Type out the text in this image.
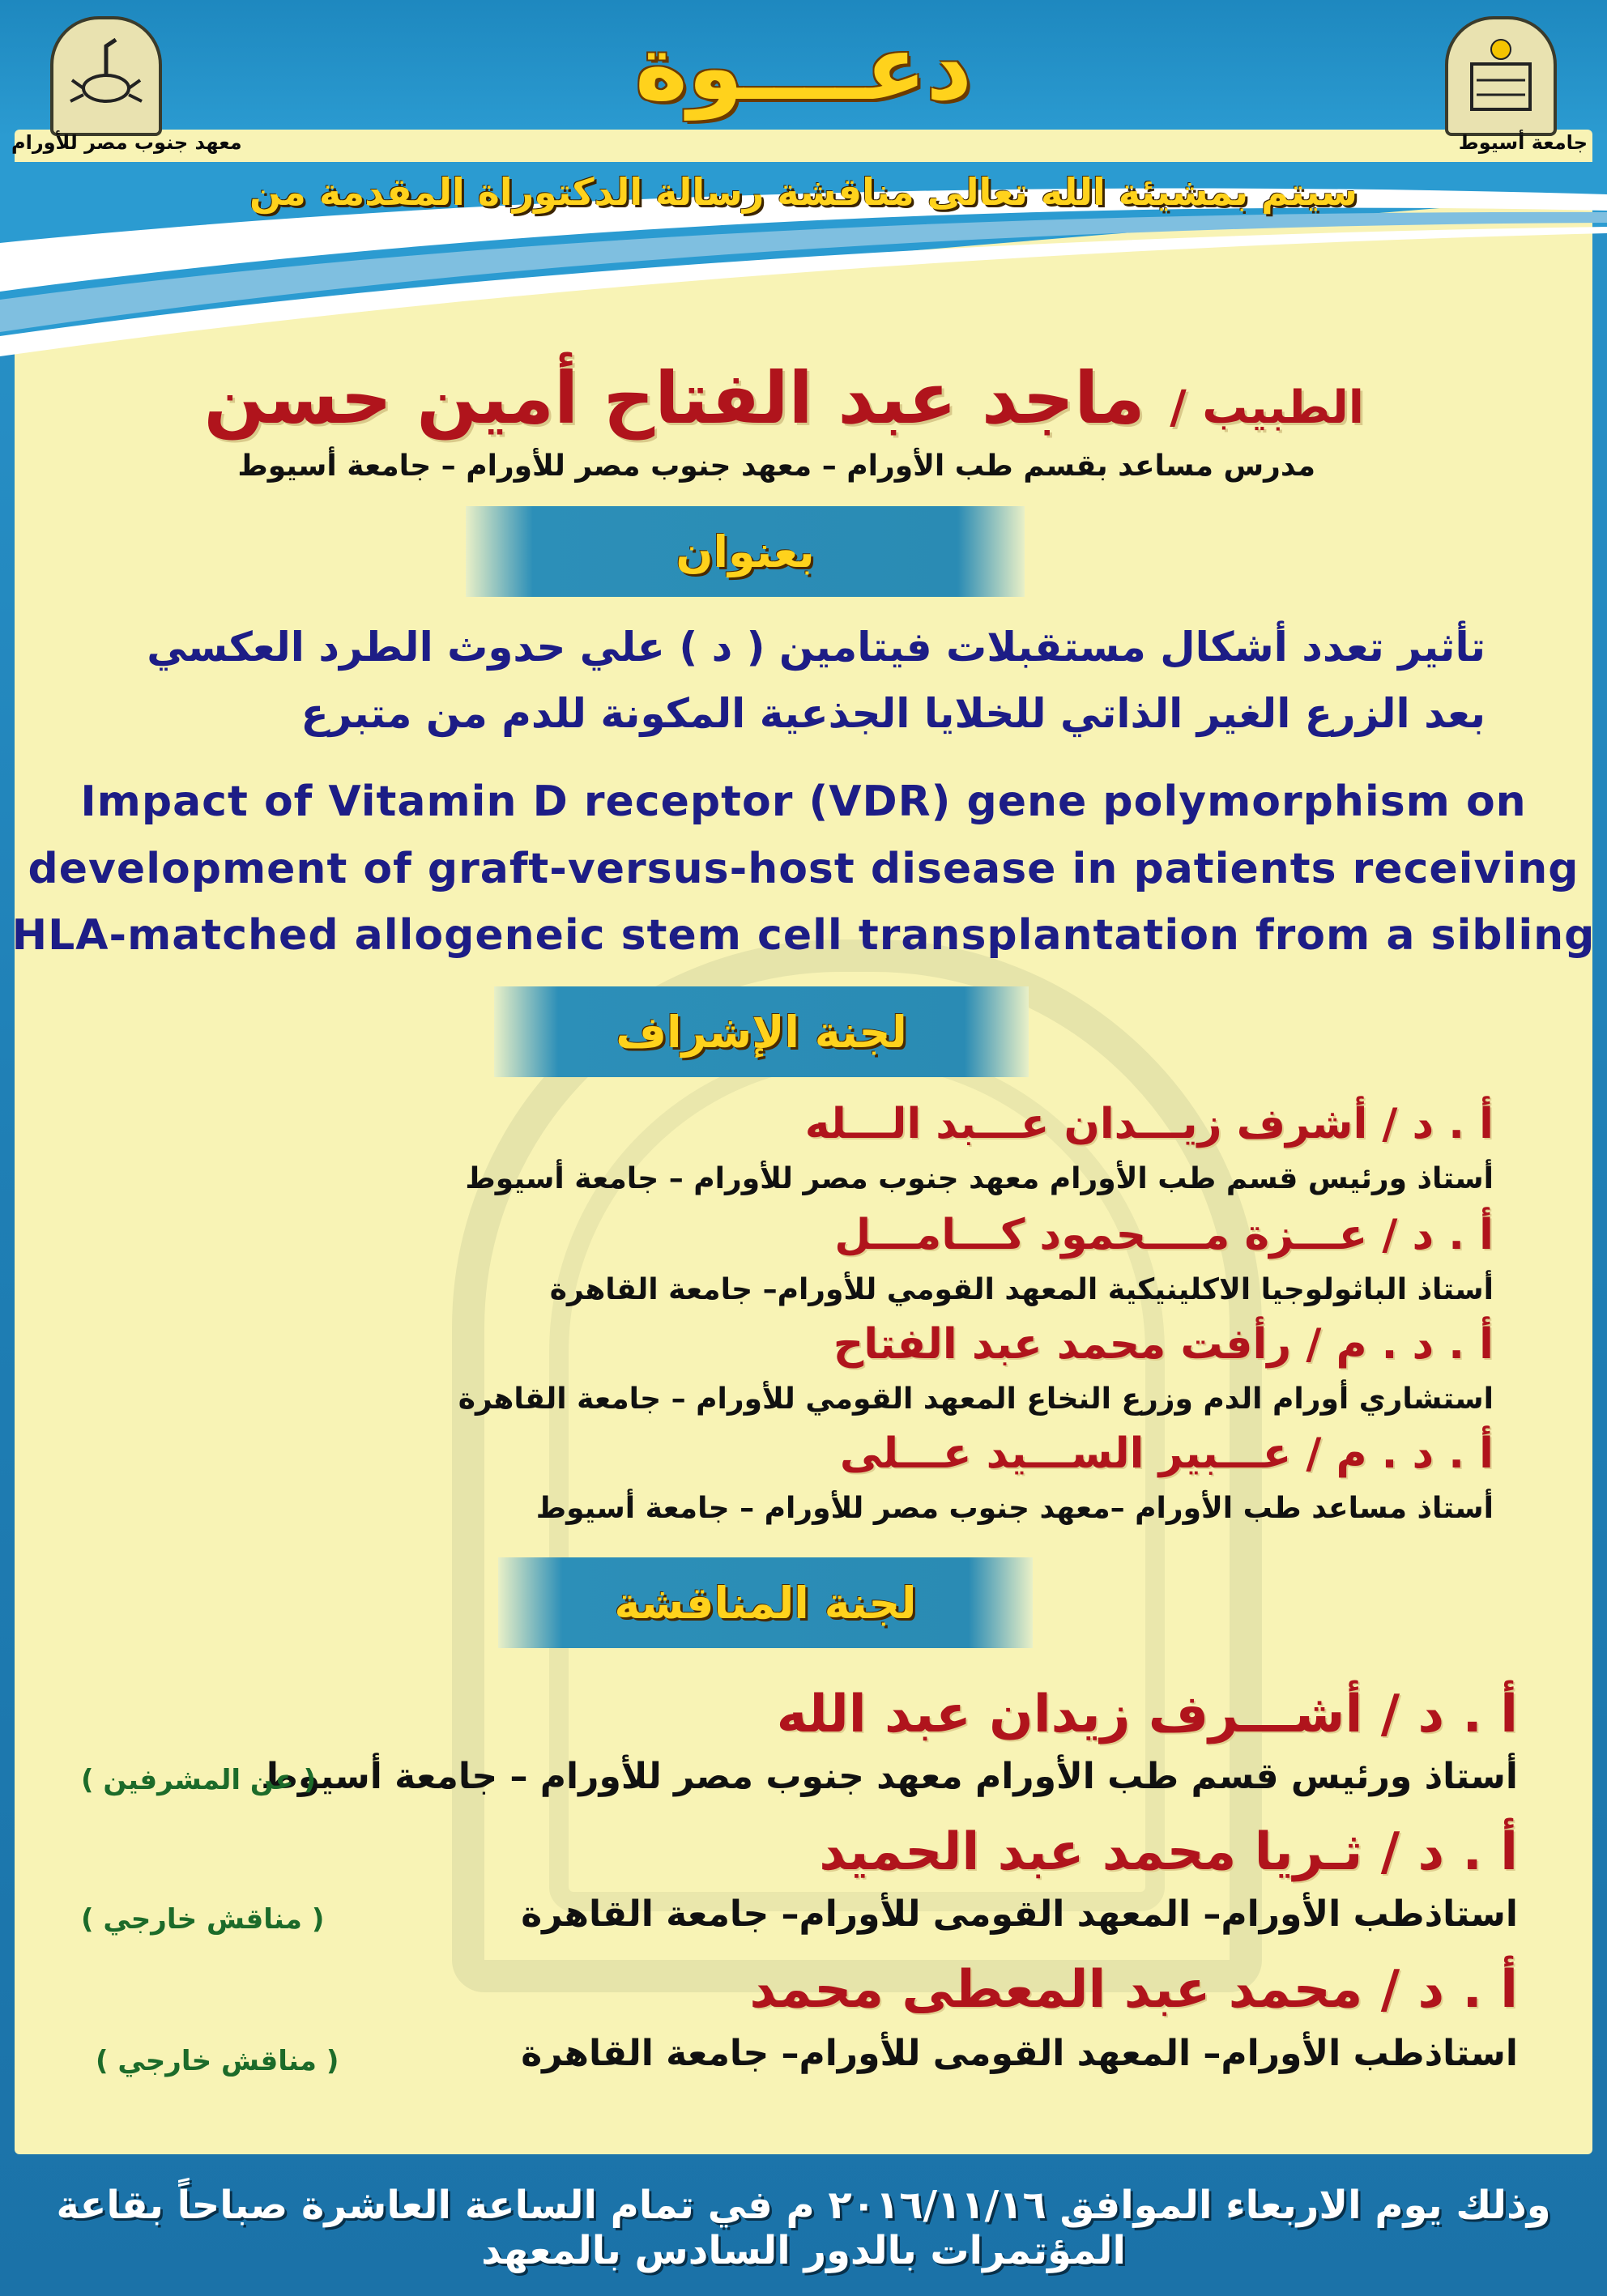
معهد جنوب مصر للأورام	جامعة أسيوط
دعــــوة
سيتم بمشيئة الله تعالى مناقشة رسالة الدكتوراة المقدمة من
الطبيب / ماجد عبد الفتاح أمين حسن
مدرس مساعد بقسم طب الأورام – معهد جنوب مصر للأورام – جامعة أسيوط
بعنوان
تأثير تعدد أشكال مستقبلات فيتامين ( د ) علي حدوث الطرد العكسي
بعد الزرع الغير الذاتي للخلايا الجذعية المكونة للدم من متبرع
Impact of Vitamin D receptor (VDR) gene polymorphism on
development of graft-versus-host disease in patients receiving
HLA-matched allogeneic stem cell transplantation from a sibling
لجنة الإشراف
أ . د / أشرف زيـــدان عـــبد الـــله
أستاذ ورئيس قسم طب الأورام معهد جنوب مصر للأورام – جامعة أسيوط
أ . د / عـــزة مــــحمود كـــامـــل
أستاذ الباثولوجيا الاكلينيكية المعهد القومي للأورام– جامعة القاهرة
أ . د . م / رأفت محمد عبد الفتاح
استشاري أورام الدم وزرع النخاع المعهد القومي للأورام – جامعة القاهرة
أ . د . م / عـــبير الســـيد عـــلى
أستاذ مساعد طب الأورام –معهد جنوب مصر للأورام – جامعة أسيوط
لجنة المناقشة
أ . د / أشـــرف زيدان عبد الله
أستاذ ورئيس قسم طب الأورام معهد جنوب مصر للأورام – جامعة أسيوط
( عن المشرفين )
أ . د / ثـريا محمد عبد الحميد
استاذطب الأورام– المعهد القومى للأورام– جامعة القاهرة
( مناقش خارجي )
أ . د / محمد عبد المعطى محمد
استاذطب الأورام– المعهد القومى للأورام– جامعة القاهرة
( مناقش خارجي )
وذلك يوم الاربعاء الموافق ٢٠١٦/١١/١٦ م في تمام الساعة العاشرة صباحاً بقاعة المؤتمرات بالدور السادس بالمعهد
